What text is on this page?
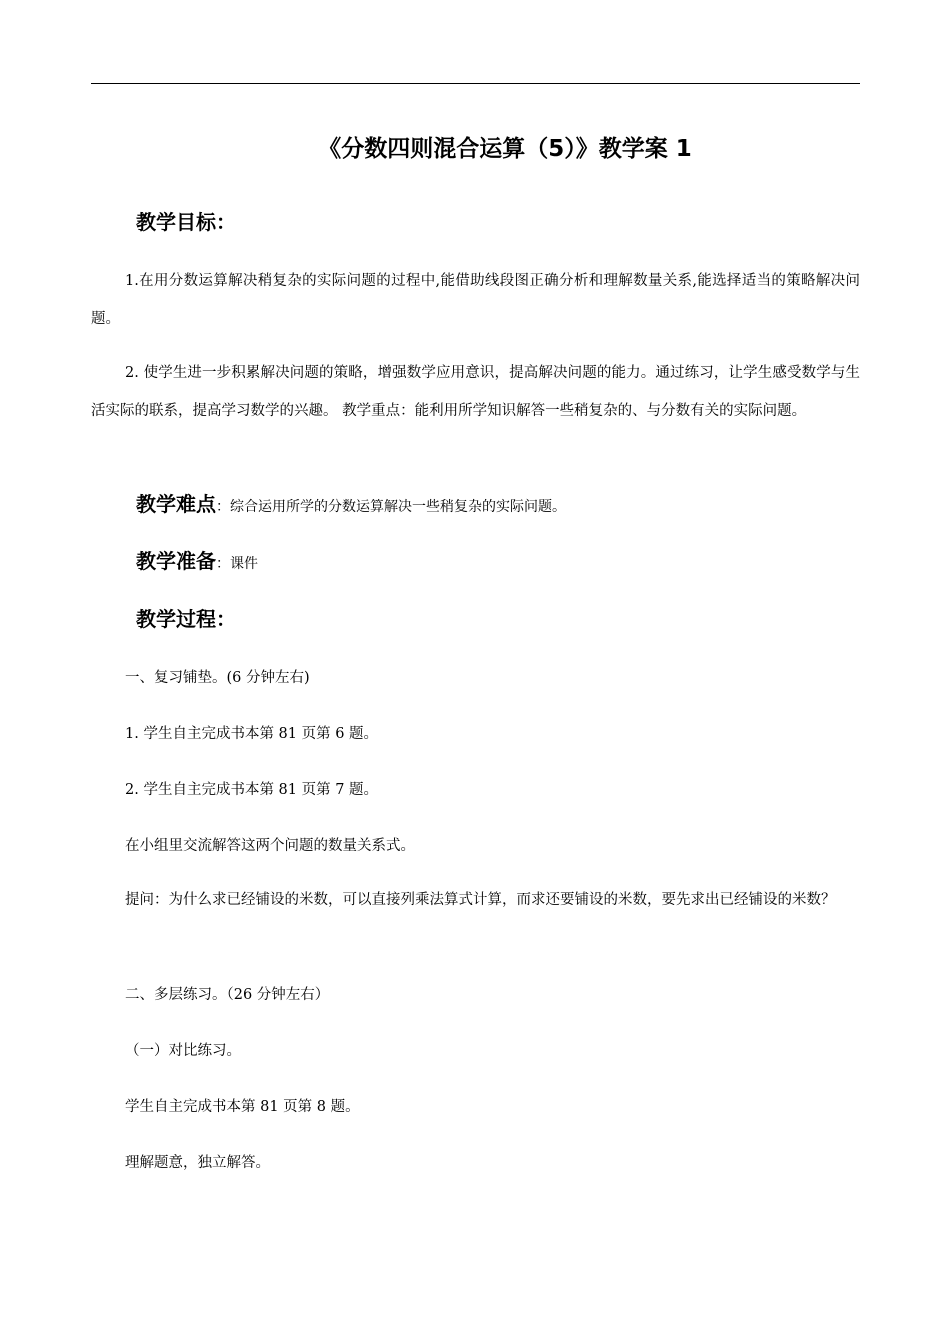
《分数四则混合运算（5）》教学案 1
教学目标：

1.在用分数运算解决稍复杂的实际问题的过程中,能借助线段图正确分析和理解数量关系,能选择适当的策略解决问题。

2. 使学生进一步积累解决问题的策略，增强数学应用意识，提高解决问题的能力。通过练习，让学生感受数学与生活实际的联系，提高学习数学的兴趣。 教学重点：能利用所学知识解答一些稍复杂的、与分数有关的实际问题。

教学难点：综合运用所学的分数运算解决一些稍复杂的实际问题。
教学准备：课件
教学过程：

一、复习铺垫。(6 分钟左右)

1. 学生自主完成书本第 81 页第 6 题。

2. 学生自主完成书本第 81 页第 7 题。

在小组里交流解答这两个问题的数量关系式。

提问：为什么求已经铺设的米数，可以直接列乘法算式计算，而求还要铺设的米数，要先求出已经铺设的米数？

二、多层练习。（26 分钟左右）

（一）对比练习。

学生自主完成书本第 81 页第 8 题。

理解题意，独立解答。
